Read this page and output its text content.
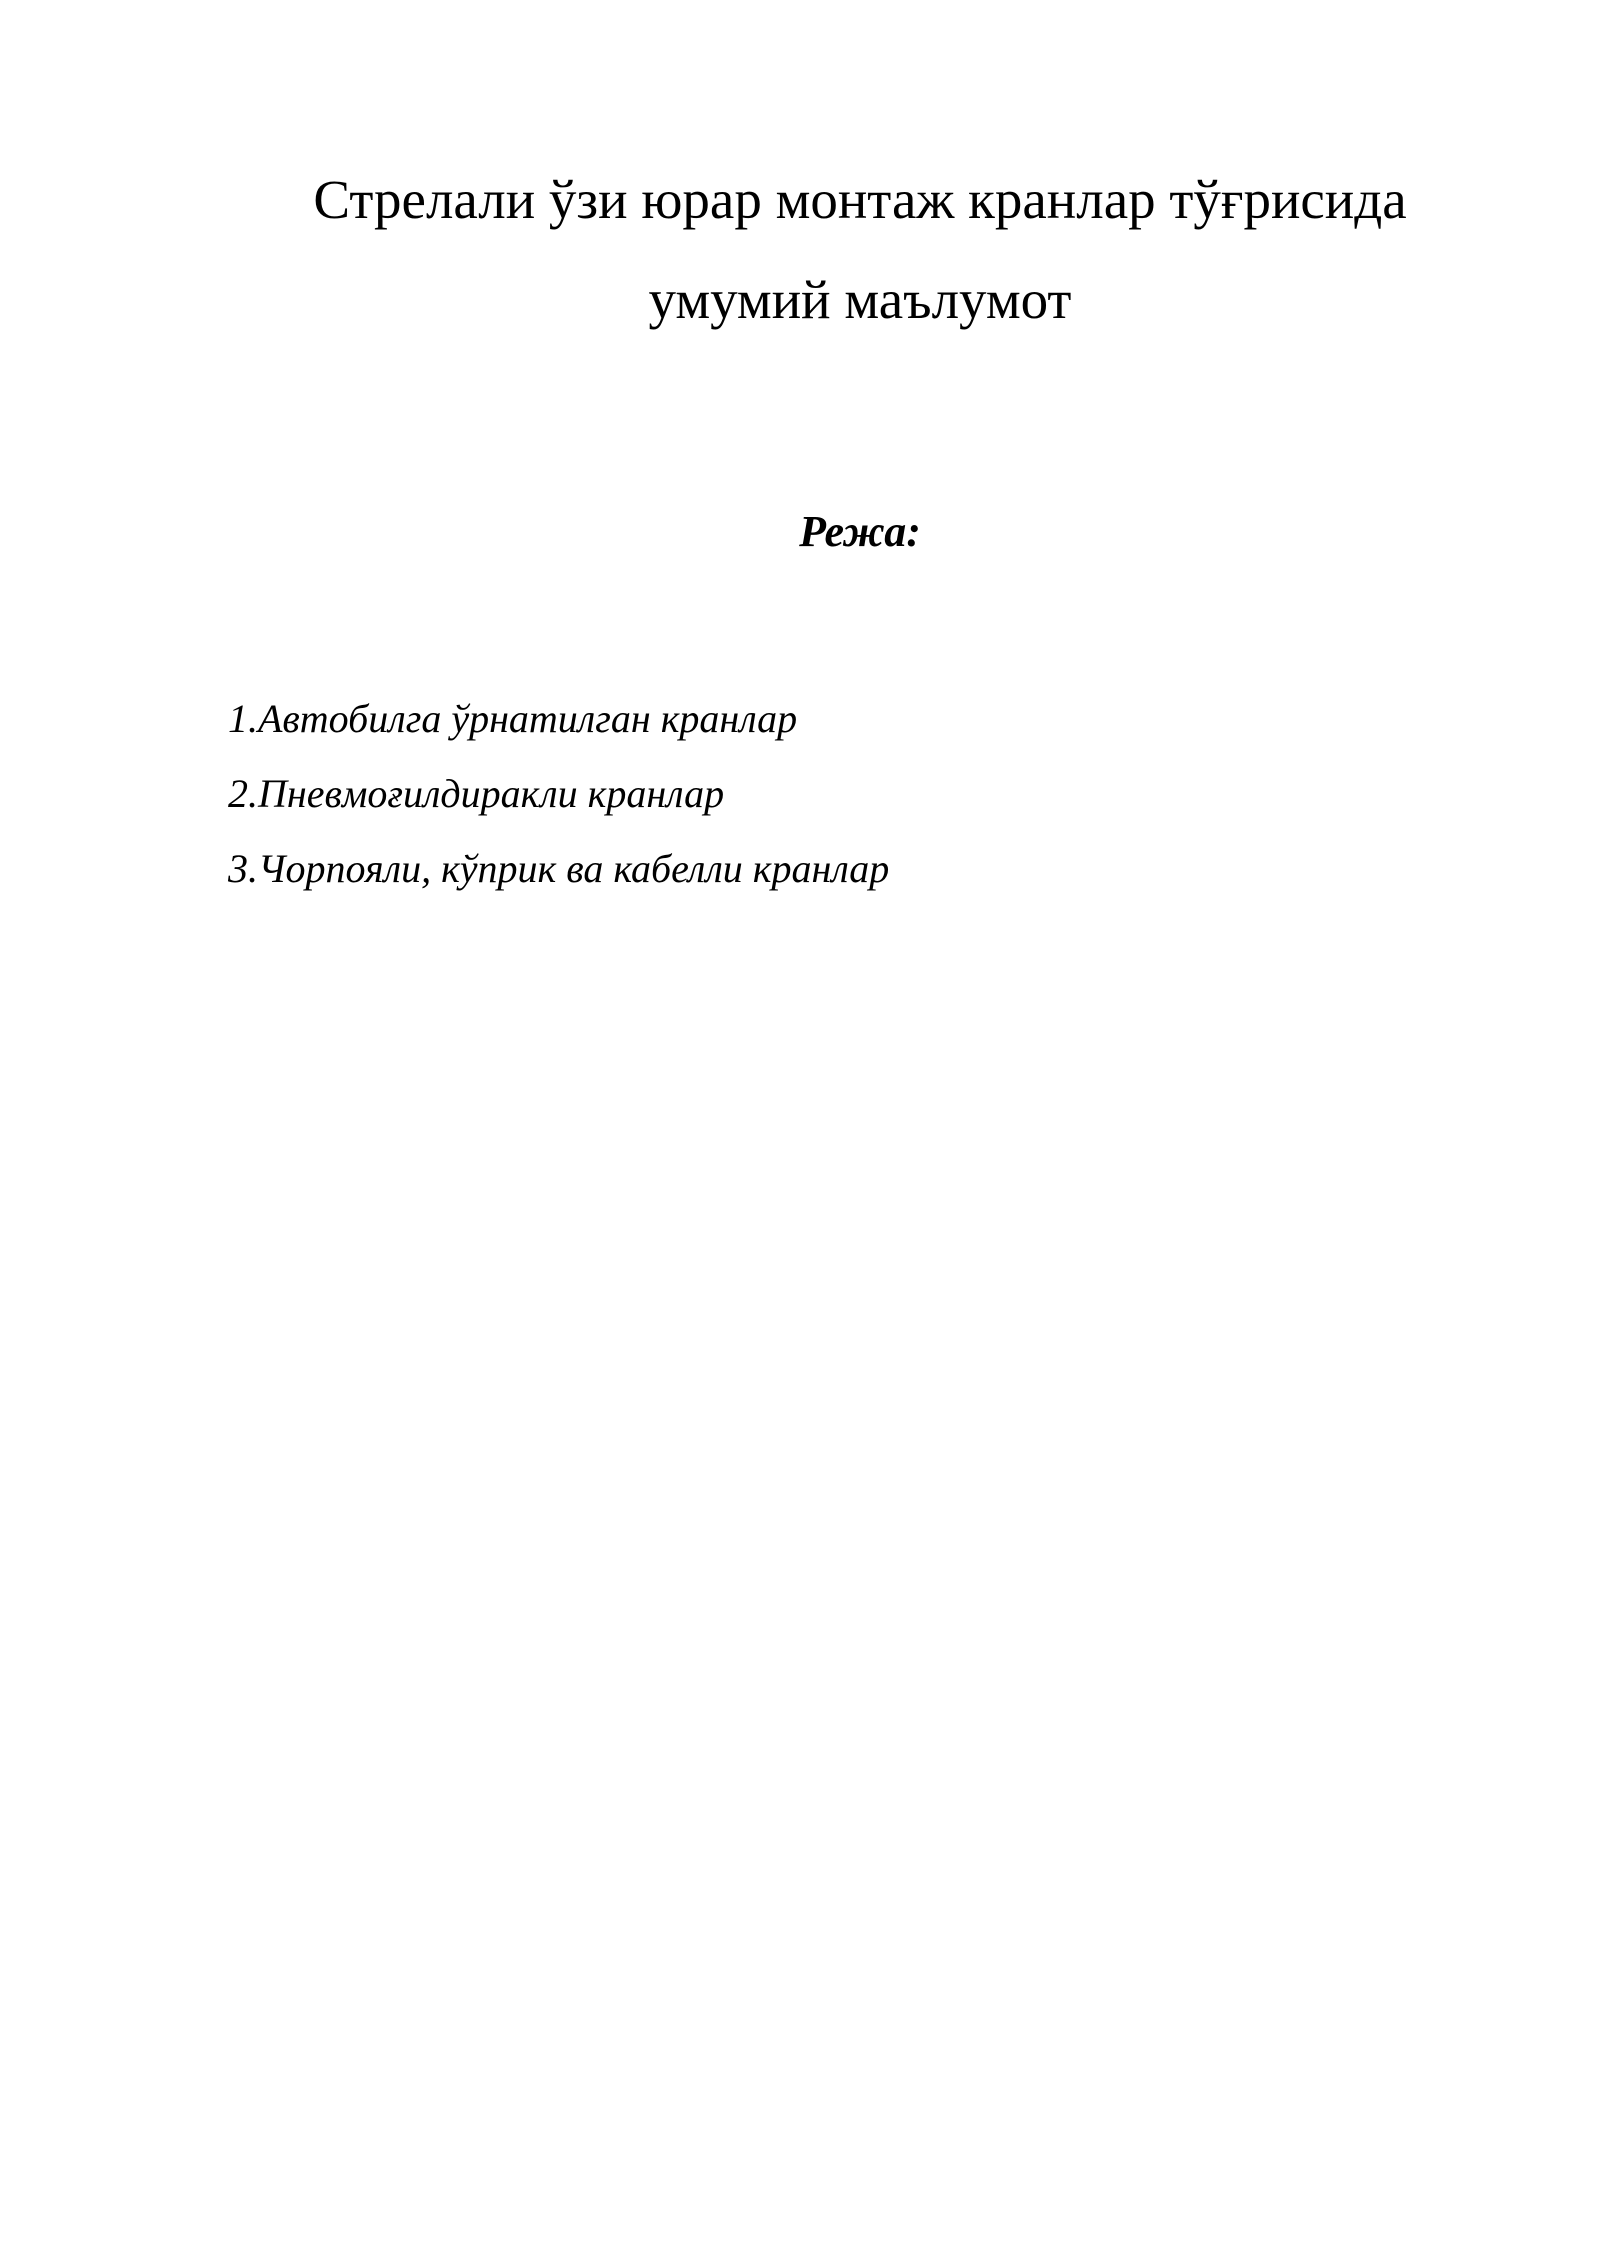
Стрелали ўзи юрар монтаж кранлар тўғрисида
умумий маълумот
Режа:
1.Автобилга ўрнатилган кранлар
2.Пневмоғилдиракли кранлар
3.Чорпояли, кўприк ва кабелли кранлар
